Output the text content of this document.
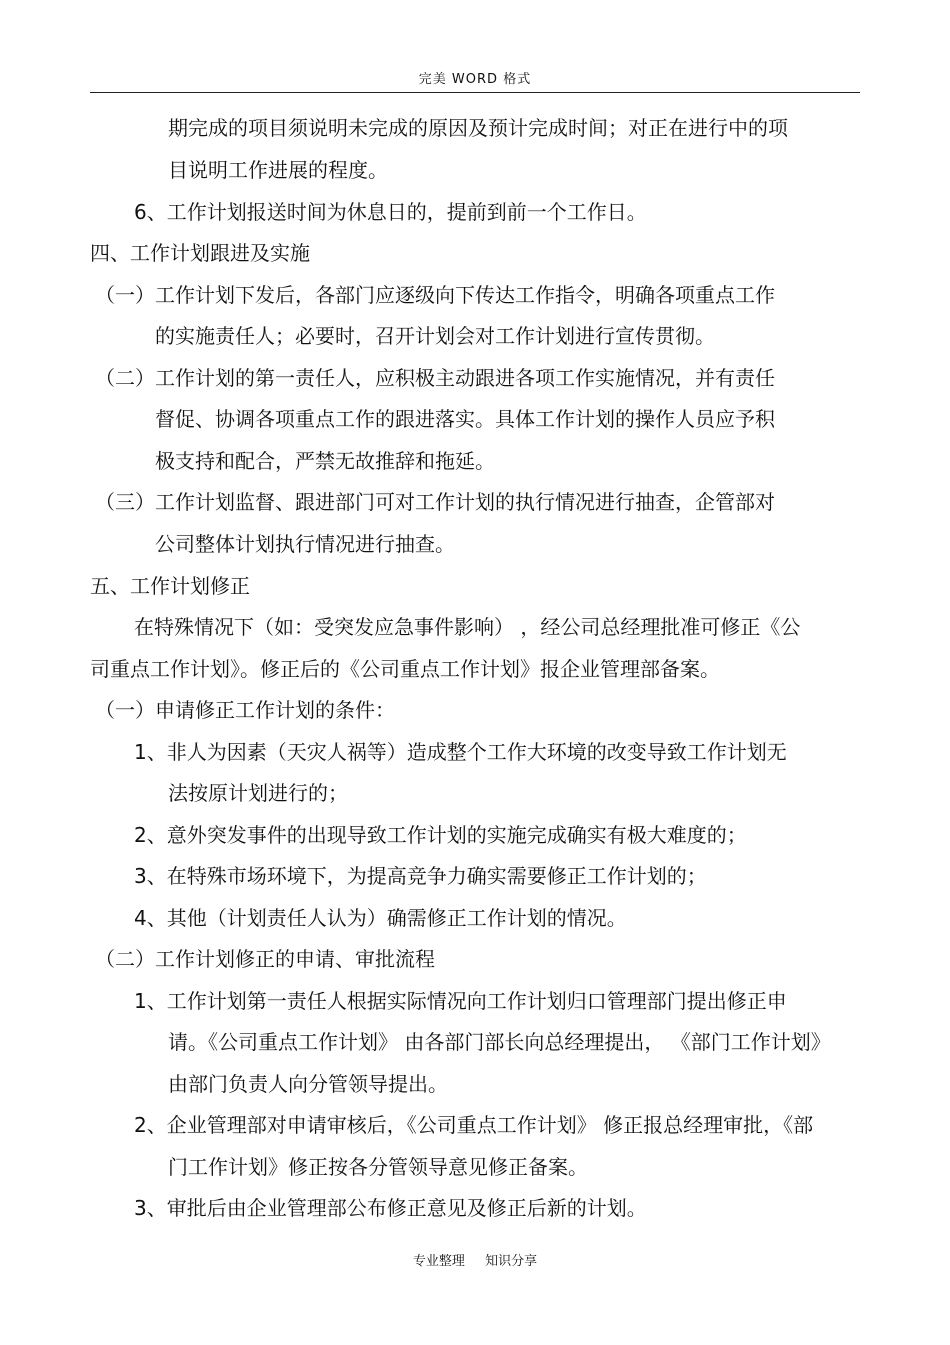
完美 WORD 格式
期完成的项目须说明未完成的原因及预计完成时间；对正在进行中的项
目说明工作进展的程度。
6、工作计划报送时间为休息日的，提前到前一个工作日。
四、工作计划跟进及实施
（一）工作计划下发后，各部门应逐级向下传达工作指令，明确各项重点工作
的实施责任人；必要时，召开计划会对工作计划进行宣传贯彻。
（二）工作计划的第一责任人，应积极主动跟进各项工作实施情况，并有责任
督促、协调各项重点工作的跟进落实。具体工作计划的操作人员应予积
极支持和配合，严禁无故推辞和拖延。
（三）工作计划监督、跟进部门可对工作计划的执行情况进行抽查，企管部对
公司整体计划执行情况进行抽查。
五、工作计划修正
在特殊情况下（如：受突发应急事件影响） ，经公司总经理批准可修正《公
司重点工作计划》。修正后的《公司重点工作计划》报企业管理部备案。
（一）申请修正工作计划的条件：
1、非人为因素（天灾人祸等）造成整个工作大环境的改变导致工作计划无
法按原计划进行的；
2、意外突发事件的出现导致工作计划的实施完成确实有极大难度的；
3、在特殊市场环境下，为提高竞争力确实需要修正工作计划的；
4、其他（计划责任人认为）确需修正工作计划的情况。
（二）工作计划修正的申请、审批流程
1、工作计划第一责任人根据实际情况向工作计划归口管理部门提出修正申
请。《公司重点工作计划》 由各部门部长向总经理提出， 《部门工作计划》
由部门负责人向分管领导提出。
2、企业管理部对申请审核后，《公司重点工作计划》 修正报总经理审批，《部
门工作计划》修正按各分管领导意见修正备案。
3、审批后由企业管理部公布修正意见及修正后新的计划。
专业整理 知识分享
